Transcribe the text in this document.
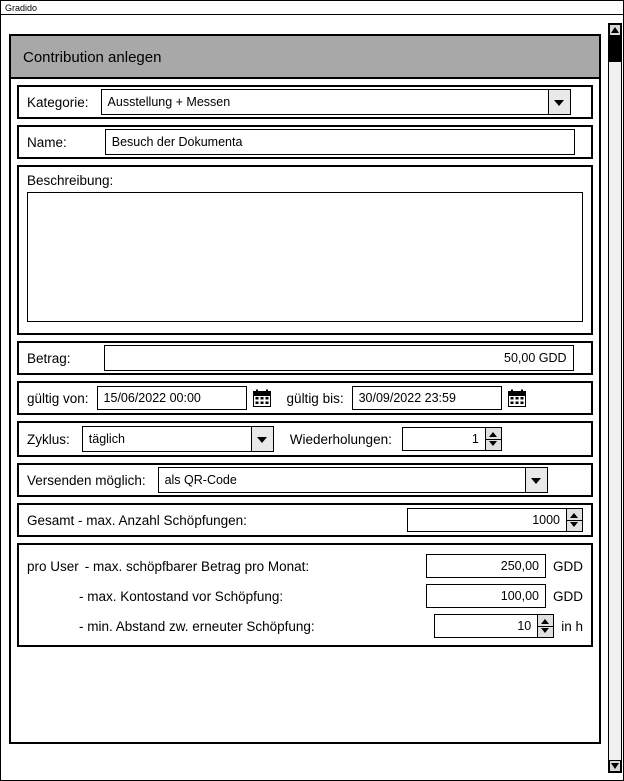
Gradido
Contribution anlegen
Kategorie:	Ausstellung + Messen
Name:	Besuch der Dokumenta
Beschreibung:
Betrag:	50,00 GDD
gültig von:	15/06/2022 00:00	gültig bis:	30/09/2022 23:59
Zyklus:	täglich	Wiederholungen:	1
Versenden möglich:	als QR-Code
Gesamt - max. Anzahl Schöpfungen:	1000
pro User - max. schöpfbarer Betrag pro Monat:	250,00	GDD
- max. Kontostand vor Schöpfung:	100,00	GDD
- min. Abstand zw. erneuter Schöpfung:	10	in h
